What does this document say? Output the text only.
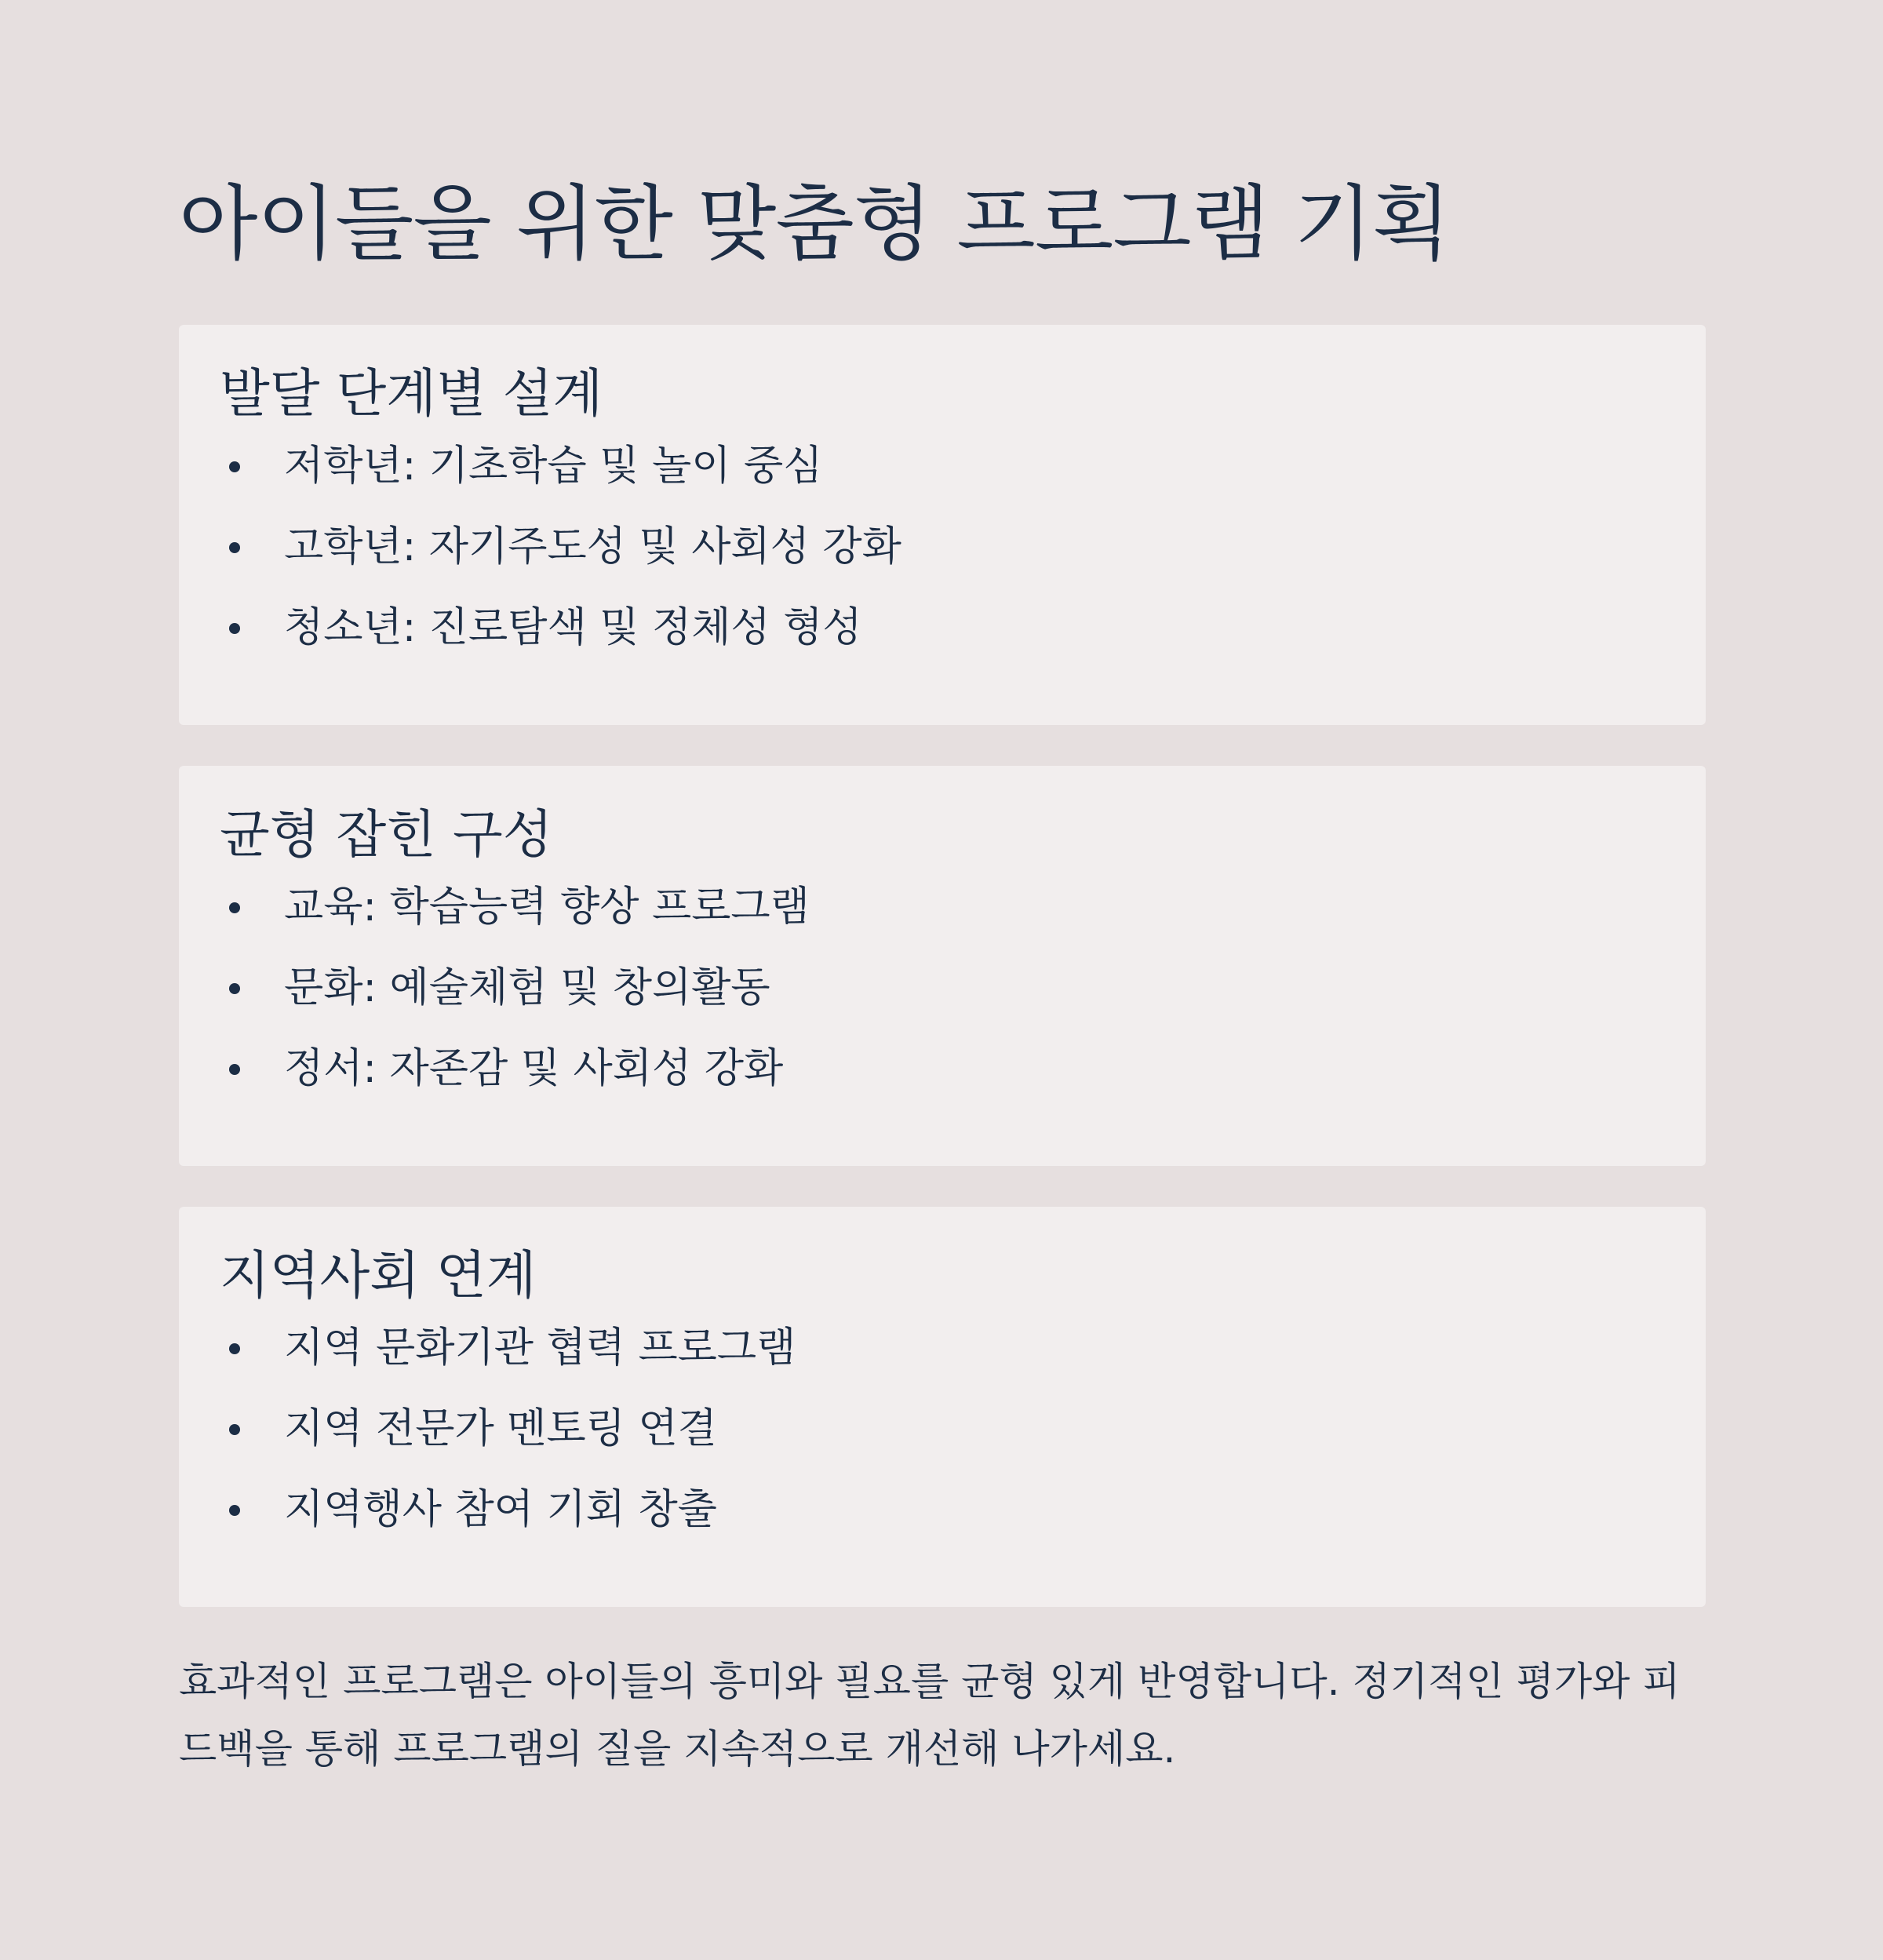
아이들을 위한 맞춤형 프로그램 기획
발달 단계별 설계
저학년: 기초학습 및 놀이 중심
고학년: 자기주도성 및 사회성 강화
청소년: 진로탐색 및 정체성 형성
균형 잡힌 구성
교육: 학습능력 향상 프로그램
문화: 예술체험 및 창의활동
정서: 자존감 및 사회성 강화
지역사회 연계
지역 문화기관 협력 프로그램
지역 전문가 멘토링 연결
지역행사 참여 기회 창출

효과적인 프로그램은 아이들의 흥미와 필요를 균형 있게 반영합니다. 정기적인 평가와 피드백을 통해 프로그램의 질을 지속적으로 개선해 나가세요.
